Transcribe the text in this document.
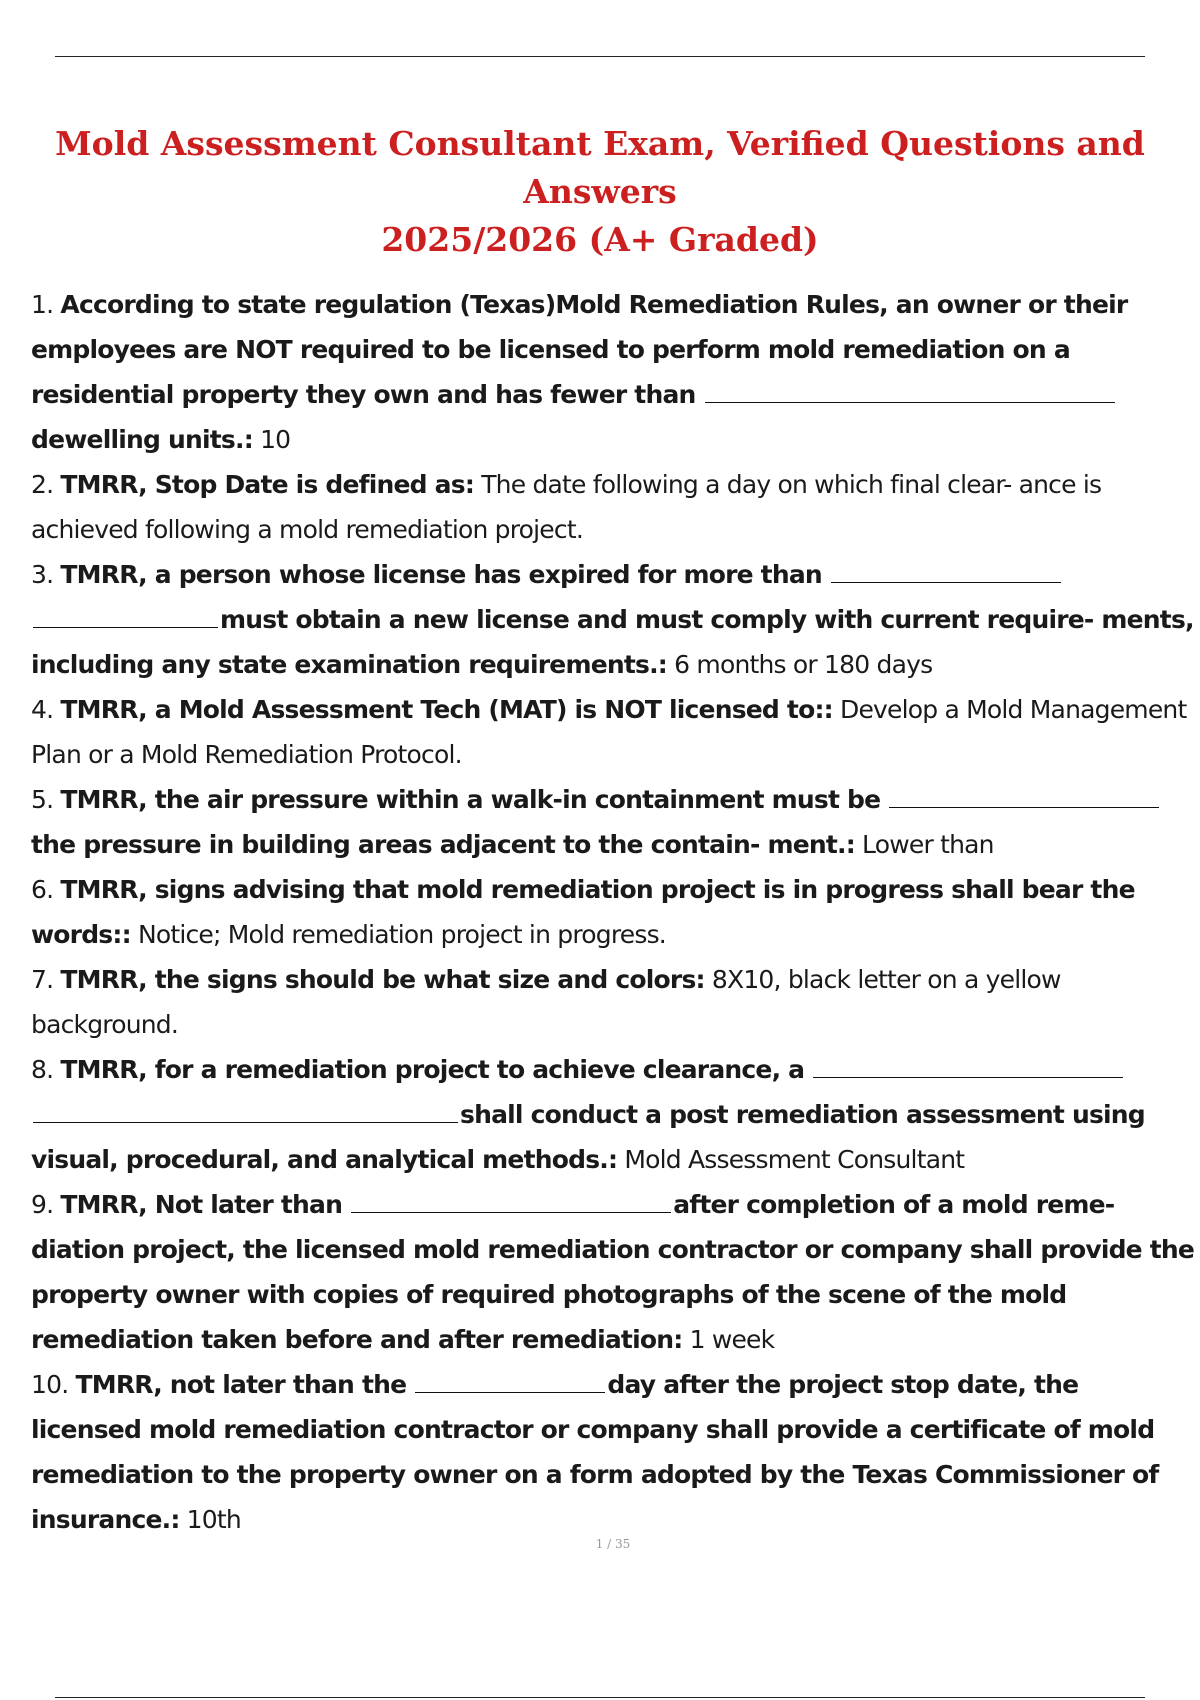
Mold Assessment Consultant Exam, Verified Questions and Answers
2025/2026 (A+ Graded)

1. According to state regulation (Texas)Mold Remediation Rules, an owner or their employees are NOT required to be licensed to perform mold remediation on a residential property they own and has fewer than dewelling units.: 10

2. TMRR, Stop Date is defined as: The date following a day on which final clear- ance is achieved following a mold remediation project.

3. TMRR, a person whose license has expired for more than  must obtain a new license and must comply with current require- ments, including any state examination requirements.: 6 months or 180 days

4. TMRR, a Mold Assessment Tech (MAT) is NOT licensed to:: Develop a Mold Management Plan or a Mold Remediation Protocol.

5. TMRR, the air pressure within a walk-in containment must be the pressure in building areas adjacent to the contain- ment.: Lower than

6. TMRR, signs advising that mold remediation project is in progress shall bear the words:: Notice; Mold remediation project in progress.

7. TMRR, the signs should be what size and colors: 8X10, black letter on a yellow background.

8. TMRR, for a remediation project to achieve clearance, a  shall conduct a post remediation assessment using visual, procedural, and analytical methods.: Mold Assessment Consultant

9. TMRR, Not later than	after completion of a mold reme- diation project, the licensed mold remediation contractor or company shall provide the property owner with copies of required photographs of the scene of the mold remediation taken before and after remediation: 1 week

10. TMRR, not later than the	day after the project stop date, the licensed mold remediation contractor or company shall provide a certificate of mold remediation to the property owner on a form adopted by the Texas Commissioner of insurance.: 10th

1 / 35
